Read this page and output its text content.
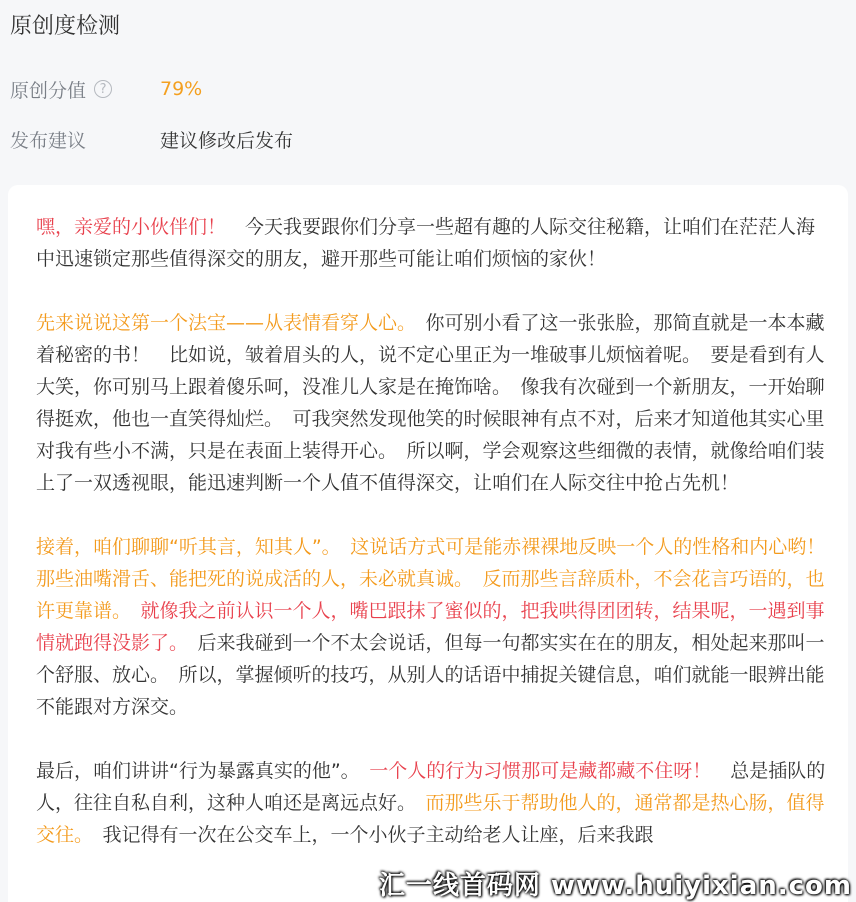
原创度检测
原创分值	?	79%
发布建议	建议修改后发布

嘿，亲爱的小伙伴们！　今天我要跟你们分享一些超有趣的人际交往秘籍，让咱们在茫茫人海中迅速锁定那些值得深交的朋友，避开那些可能让咱们烦恼的家伙！

先来说说这第一个法宝——从表情看穿人心。　你可别小看了这一张张脸，那简直就是一本本藏着秘密的书！　比如说，皱着眉头的人，说不定心里正为一堆破事儿烦恼着呢。　要是看到有人大笑，你可别马上跟着傻乐呵，没准儿人家是在掩饰啥。　像我有次碰到一个新朋友，一开始聊得挺欢，他也一直笑得灿烂。　可我突然发现他笑的时候眼神有点不对，后来才知道他其实心里对我有些小不满，只是在表面上装得开心。　所以啊，学会观察这些细微的表情，就像给咱们装上了一双透视眼，能迅速判断一个人值不值得深交，让咱们在人际交往中抢占先机！

接着，咱们聊聊“听其言，知其人”。　这说话方式可是能赤裸裸地反映一个人的性格和内心哟！　那些油嘴滑舌、能把死的说成活的人，未必就真诚。　反而那些言辞质朴，不会花言巧语的，也许更靠谱。　就像我之前认识一个人，嘴巴跟抹了蜜似的，把我哄得团团转，结果呢，一遇到事情就跑得没影了。　后来我碰到一个不太会说话，但每一句都实实在在的朋友，相处起来那叫一个舒服、放心。　所以，掌握倾听的技巧，从别人的话语中捕捉关键信息，咱们就能一眼辨出能不能跟对方深交。

最后，咱们讲讲“行为暴露真实的他”。　一个人的行为习惯那可是藏都藏不住呀！　总是插队的人，往往自私自利，这种人咱还是离远点好。　而那些乐于帮助他人的，通常都是热心肠，值得交往。　我记得有一次在公交车上，一个小伙子主动给老人让座，后来我跟

汇一线首码网 www.huiyixian.com
